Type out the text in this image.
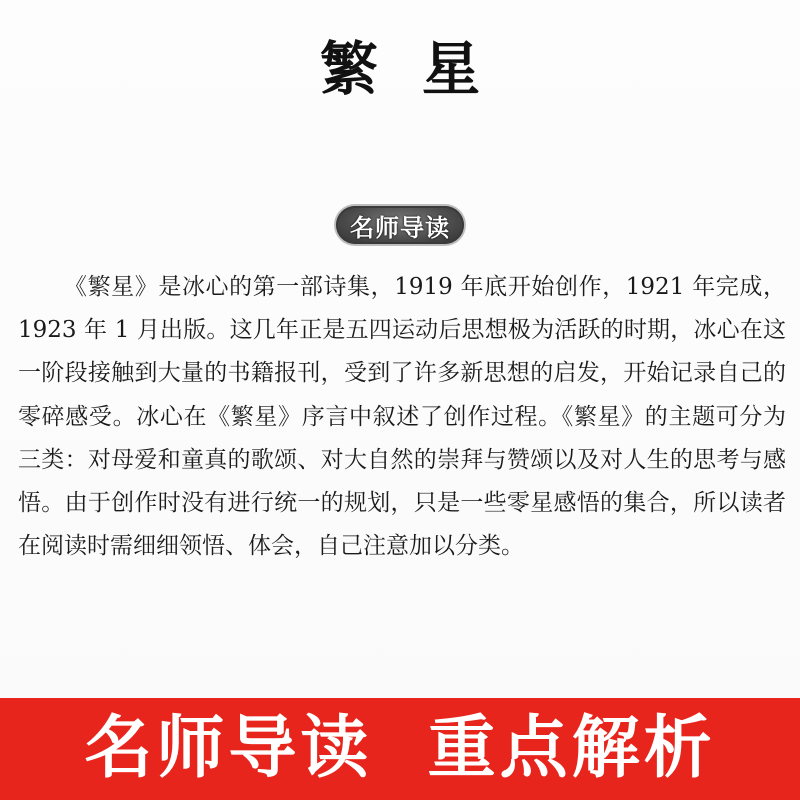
繁星
名师导读

《繁星》是冰心的第一部诗集，1919 年底开始创作，1921 年完成，1923 年 1 月出版。这几年正是五四运动后思想极为活跃的时期，冰心在这一阶段接触到大量的书籍报刊，受到了许多新思想的启发，开始记录自己的零碎感受。冰心在《繁星》序言中叙述了创作过程。《繁星》的主题可分为三类：对母爱和童真的歌颂、对大自然的崇拜与赞颂以及对人生的思考与感悟。由于创作时没有进行统一的规划，只是一些零星感悟的集合，所以读者在阅读时需细细领悟、体会，自己注意加以分类。

名师导读  重点解析
